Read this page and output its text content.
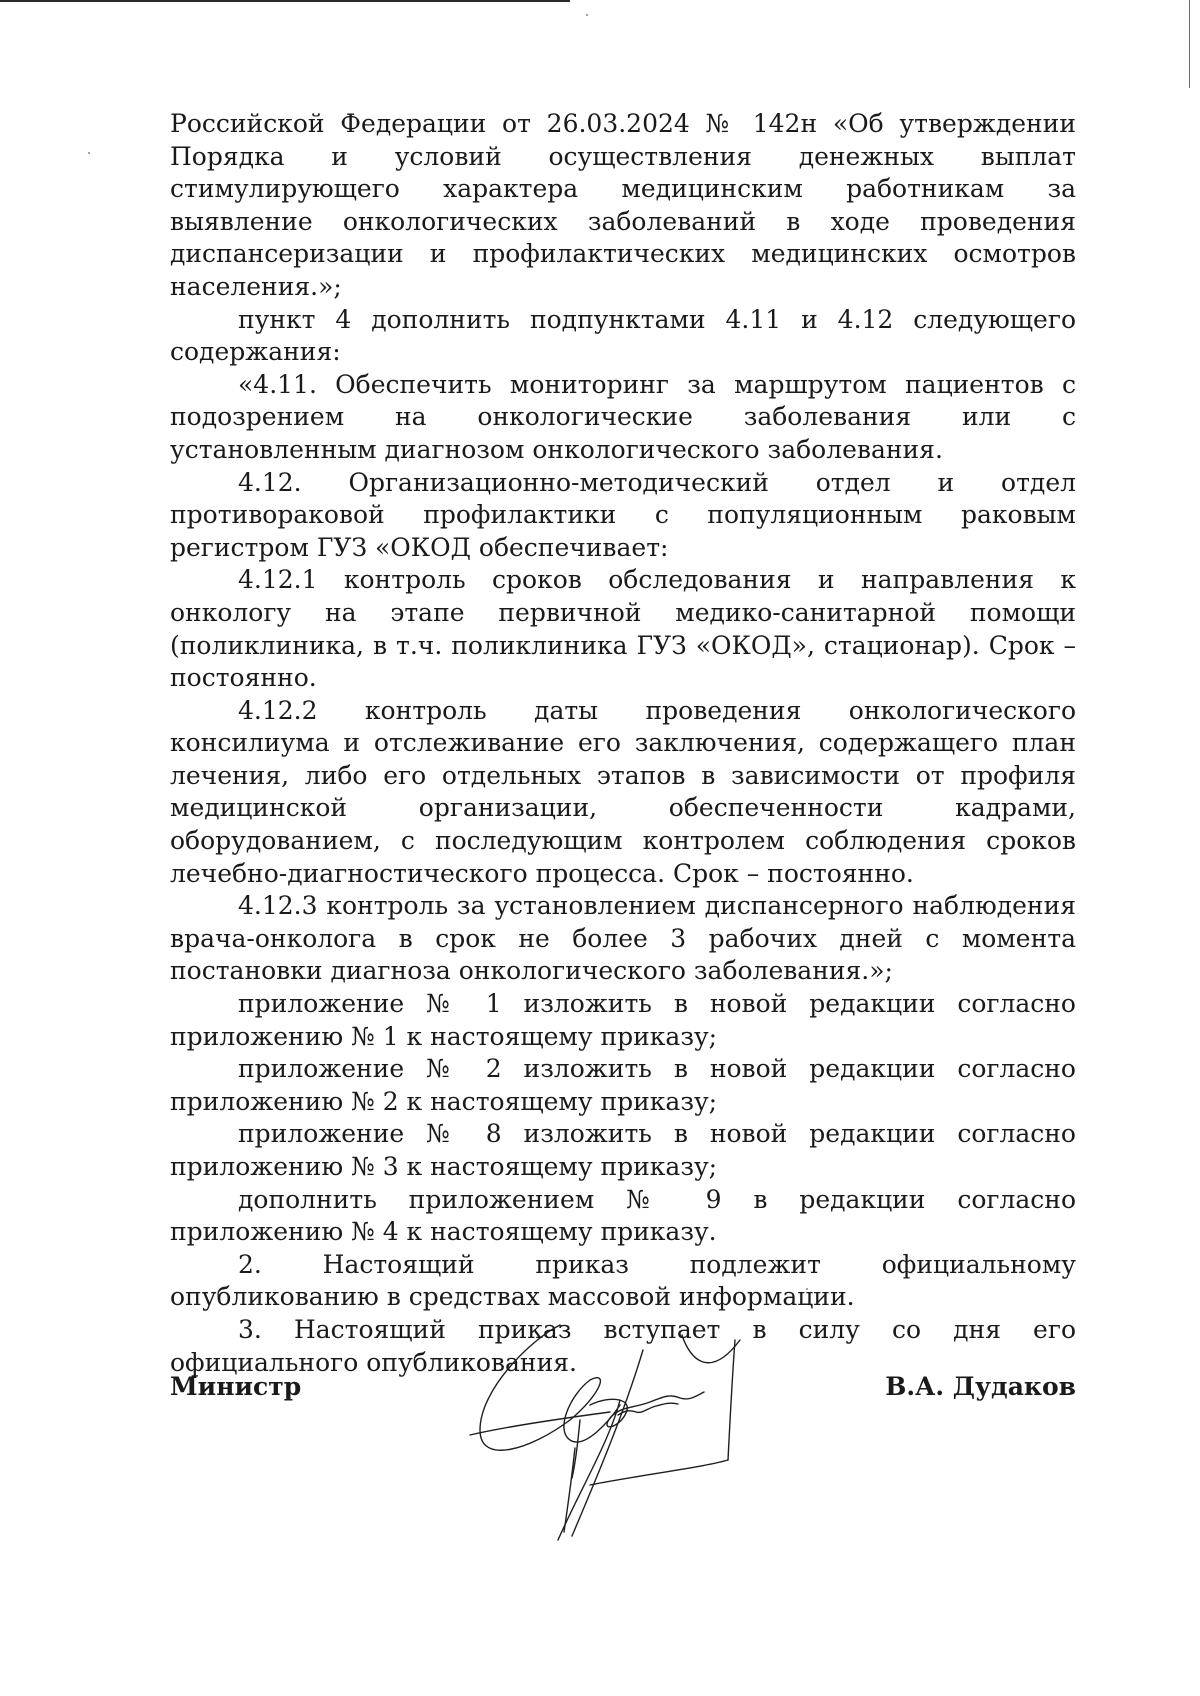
Российской Федерации от 26.03.2024 № 142н «Об утверждении Порядка и условий осуществления денежных выплат стимулирующего характера медицинским работникам за выявление онкологических заболеваний в ходе проведения диспансеризации и профилактических медицинских осмотров населения.»;

пункт 4 дополнить подпунктами 4.11 и 4.12 следующего содержания:

«4.11. Обеспечить мониторинг за маршрутом пациентов с подозрением на онкологические заболевания или с установленным диагнозом онкологического заболевания.

4.12. Организационно-методический отдел и отдел противораковой профилактики с популяционным раковым регистром ГУЗ «ОКОД обеспечивает:

4.12.1 контроль сроков обследования и направления к онкологу на этапе первичной медико-санитарной помощи (поликлиника, в т.ч. поликлиника ГУЗ «ОКОД», стационар). Срок – постоянно.

4.12.2 контроль даты проведения онкологического консилиума и отслеживание его заключения, содержащего план лечения, либо его отдельных этапов в зависимости от профиля медицинской организации, обеспеченности кадрами, оборудованием, с последующим контролем соблюдения сроков лечебно-диагностического процесса. Срок – постоянно.

4.12.3 контроль за установлением диспансерного наблюдения врача-онколога в срок не более 3 рабочих дней с момента постановки диагноза онкологического заболевания.»;

приложение № 1 изложить в новой редакции согласно приложению № 1 к настоящему приказу;

приложение № 2 изложить в новой редакции согласно приложению № 2 к настоящему приказу;

приложение № 8 изложить в новой редакции согласно приложению № 3 к настоящему приказу;

дополнить приложением № 9 в редакции согласно приложению № 4 к настоящему приказу.

2. Настоящий приказ подлежит официальному опубликованию в средствах массовой информации.

3. Настоящий приказ вступает в силу со дня его официального опубликования.

Министр	В.А. Дудаков
